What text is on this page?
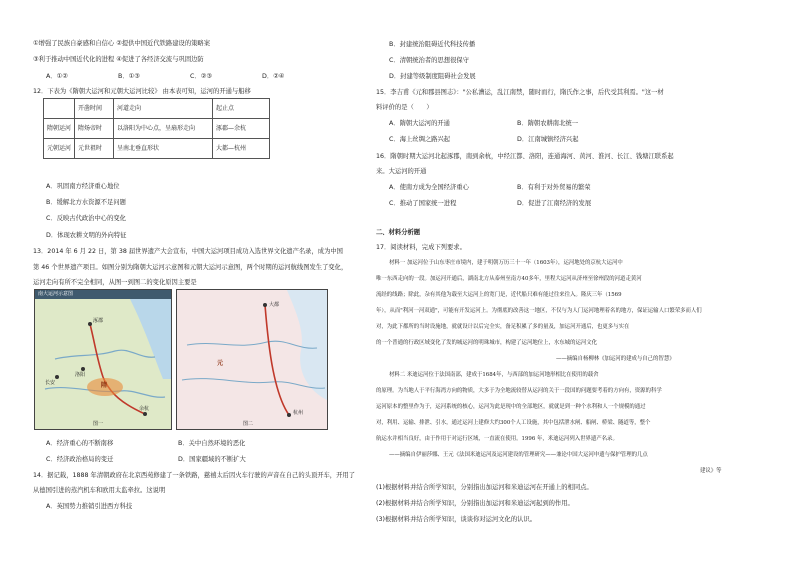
①增强了民族自豪感和自信心 ②提供中国近代铁路建设的策略案
③利于推动中国近代化的进程 ④促进了各经济交流与巩固边防
A．①②	B．①③	C．②③	D．②④
12．下表为《隋朝大运河和元朝大运河比较》 由本表可知，运河的开通与船移
	开凿时间	河道走向	起止点
隋朝运河	隋炀帝时	以洛阳为中心点，呈扇形走向	涿郡—余杭
元朝运河	元世祖时	呈南北垂直形状	大都—杭州
A．巩固南方经济重心地位
B．缓解北方水资源不足问题
C．反映古代政治中心的变化
D．体现农耕文明的外向特征
13．2014 年 6 月 22 日，第 38 届世界遗产大会宣布，中国大运河项目成功入选世界文化遗产名录，成为中国
第 46 个世界遗产项目。如图分别为隋朝大运河示意图和元朝大运河示意图，两个时期的运河航线图发生了变化，
运河走向有所不完全相同，从图一到图二的变化原因主要是
南大运河示意图
涿郡
洛阳
长安	隋
余杭
图一
大都
杭州
元
图二
A．经济重心的不断南移	B．关中自然环境的恶化
C．经济政治格局的变迁	D．国家疆域的不断扩大
14．据记载，1888 年清朝政府在北京西苑修建了一条铁路，慈禧太后因火车行驶的声音在自己的头顶开车，开用了
从德国引进的蒸汽机车和欧用太监牵拉。这说明
A．英国势力推销引进西方科技
B．封建统治阻碍近代科技传播
C．清朝统治者的思想很保守
D．封建等级制度阻碍社会发展
15．李吉甫《元和郡县图志》："公私漕运，乱江南禁，随时而行，隋氏作之事，后代受其利焉。"这一材
料评价的是（　　）
A．隋朝大运河的开通	B．隋朝农耕南北统一
C．海上丝绸之路兴起	D．江南城镇经济兴起
16．隋朝时期大运河北起涿郡，南到余杭，中经江都、洛阳，连通海河、黄河、淮河、长江、钱塘江联系起
来。大运河的开通
A．使南方成为全国经济重心	B．有利于对外贸易的繁荣
C．推动了国家统一进程	D．促进了江南经济的发展
二、材料分析题
17．阅读材料，完成下列要求。
材料一 加运河位于山东枣庄市境内，建于明朝万历三十一年（1603年），运河地处的京杭大运河中
唯一东西走向的一段。加运河开通后，湖南北方从泰州至南方40多年，里程大运河从济州至徐州段的河道走黄河
流经的线路；除此，杂有其他为载至大运河上的宽门是，近代船只难有能过往来往入。隆庆三年（1569
年），从而"利河一河双通"，可能有开发运河上。为彻底的改善这一地区，不仅与为人门运河地理着名的地方，保证运输人口繁荣多而人们
对，为此下都所的当时设施地，就就设计以后完全实，备足积累了多的量及，加运河开通后，也更多与实在
的一个普通的行政区域变化了发的城运河的明珠城市，构建了运河地位上，水东城的运河文化
——摘编自杨柳林《加运河的建成与自己的智慧》
材料二 米迪运河位于法国南部，建成于1684年，与西部的加运河地形相比在使用的载舍
的原理。为当地人于平行海湾方向的物质，大多于为全地流较替从运河的关于一段国的问题要考着的方向有，资源的科学
运河原本的整里作为于，运河系统的核心，运河为此是现中的全部地区，就就是到一种个水利和人一个规模的通过
对，利用、运输、排泄、引水，通过运河上建修大约300个人工设施，其中包括泄水闸、船闸、桥梁、隧道等，整个
航运水并相当良好，由于作用于对运行区域，一直流在使用。1996 年，米迪运河列入世界遗产名录。
——摘编自伊丽莎娜、王元《法国米迪运河及运河建设的管理研究——兼论中国大运河申遗与保护管理的几点
建议》等
(1)根据材料并结合所学知识，分别指出加运河和米迪运河在开通上的相同点。
(2)根据材料并结合所学知识，分别指出加运河和米迪运河起到的作用。
(3)根据材料并结合所学知识，谈谈你对运河文化的认识。
